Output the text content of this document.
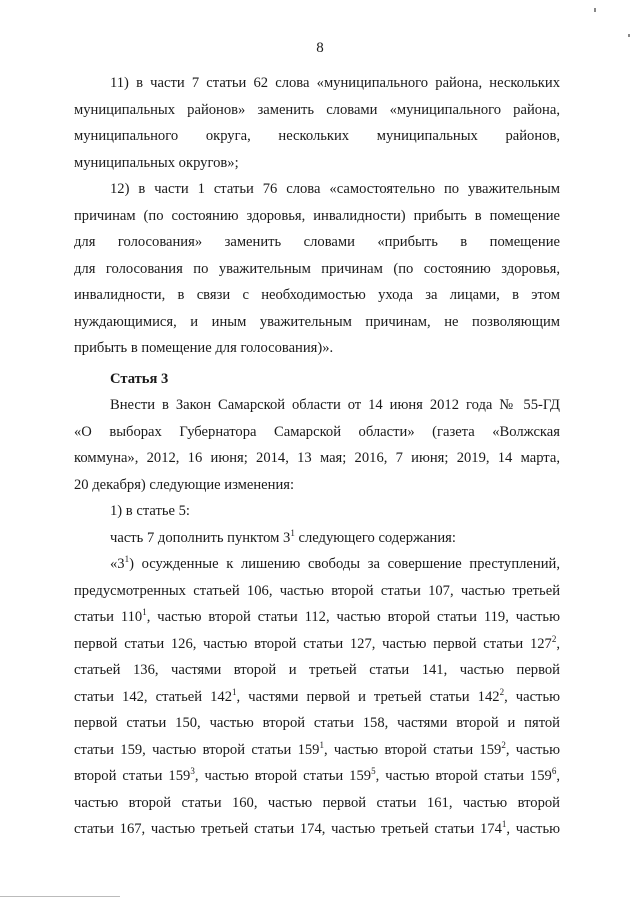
8
11) в части 7 статьи 62 слова «муниципального района, нескольких
муниципальных районов» заменить словами «муниципального района,
муниципального округа, нескольких муниципальных районов,
муниципальных округов»;
12) в части 1 статьи 76 слова «самостоятельно по уважительным
причинам (по состоянию здоровья, инвалидности) прибыть в помещение
для голосования» заменить словами «прибыть в помещение
для голосования по уважительным причинам (по состоянию здоровья,
инвалидности, в связи с необходимостью ухода за лицами, в этом
нуждающимися, и иным уважительным причинам, не позволяющим
прибыть в помещение для голосования)».
Статья 3
Внести в Закон Самарской области от 14 июня 2012 года № 55-ГД
«О выборах Губернатора Самарской области» (газета «Волжская
коммуна», 2012, 16 июня; 2014, 13 мая; 2016, 7 июня; 2019, 14 марта,
20 декабря) следующие изменения:
1) в статье 5:
часть 7 дополнить пунктом $3^1$ следующего содержания:
«$3^1$) осужденные к лишению свободы за совершение преступлений,
предусмотренных статьей 106, частью второй статьи 107, частью третьей
статьи $110^1$, частью второй статьи 112, частью второй статьи 119, частью
первой статьи 126, частью второй статьи 127, частью первой статьи $127^2$,
статьей 136, частями второй и третьей статьи 141, частью первой
статьи 142, статьей $142^1$, частями первой и третьей статьи $142^2$, частью
первой статьи 150, частью второй статьи 158, частями второй и пятой
статьи 159, частью второй статьи $159^1$, частью второй статьи $159^2$, частью
второй статьи $159^3$, частью второй статьи $159^5$, частью второй статьи $159^6$,
частью второй статьи 160, частью первой статьи 161, частью второй
статьи 167, частью третьей статьи 174, частью третьей статьи $174^1$, частью
